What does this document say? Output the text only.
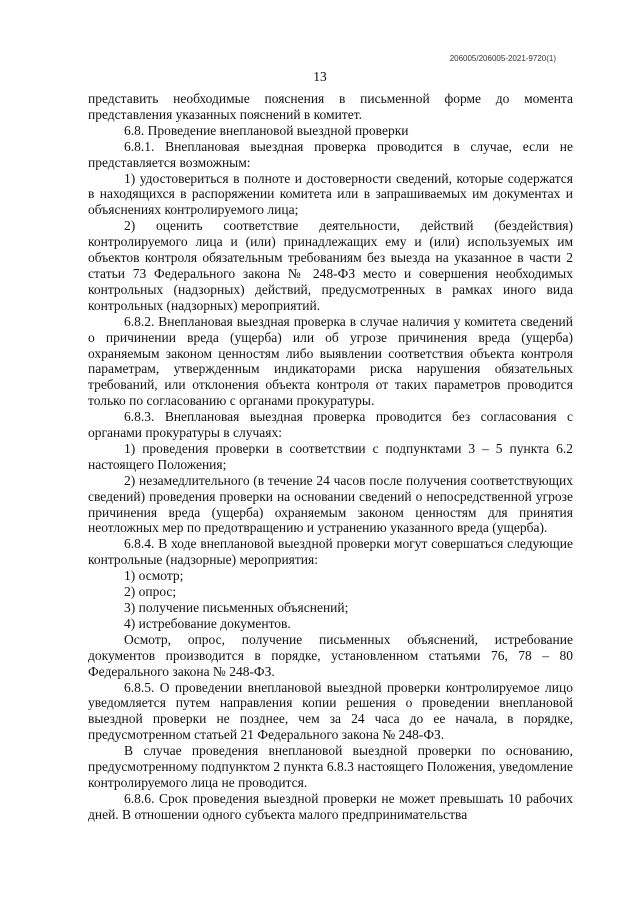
206005/206005-2021-9720(1)
13

представить необходимые пояснения в письменной форме до момента представления указанных пояснений в комитет.

6.8. Проведение внеплановой выездной проверки

6.8.1. Внеплановая выездная проверка проводится в случае, если не представляется возможным:

1) удостовериться в полноте и достоверности сведений, которые содержатся в находящихся в распоряжении комитета или в запрашиваемых им документах и объяснениях контролируемого лица;

2) оценить соответствие деятельности, действий (бездействия) контролируемого лица и (или) принадлежащих ему и (или) используемых им объектов контроля обязательным требованиям без выезда на указанное в части 2 статьи 73 Федерального закона № 248-ФЗ место и совершения необходимых контрольных (надзорных) действий, предусмотренных в рамках иного вида контрольных (надзорных) мероприятий.

6.8.2. Внеплановая выездная проверка в случае наличия у комитета сведений о причинении вреда (ущерба) или об угрозе причинения вреда (ущерба) охраняемым законом ценностям либо выявлении соответствия объекта контроля параметрам, утвержденным индикаторами риска нарушения обязательных требований, или отклонения объекта контроля от таких параметров проводится только по согласованию с органами прокуратуры.

6.8.3. Внеплановая выездная проверка проводится без согласования с органами прокуратуры в случаях:

1) проведения проверки в соответствии с подпунктами 3 – 5 пункта 6.2 настоящего Положения;

2) незамедлительного (в течение 24 часов после получения соответствующих сведений) проведения проверки на основании сведений о непосредственной угрозе причинения вреда (ущерба) охраняемым законом ценностям для принятия неотложных мер по предотвращению и устранению указанного вреда (ущерба).

6.8.4. В ходе внеплановой выездной проверки могут совершаться следующие контрольные (надзорные) мероприятия:

1) осмотр;

2) опрос;

3) получение письменных объяснений;

4) истребование документов.

Осмотр, опрос, получение письменных объяснений, истребование документов производится в порядке, установленном статьями 76, 78 – 80 Федерального закона № 248-ФЗ.

6.8.5. О проведении внеплановой выездной проверки контролируемое лицо уведомляется путем направления копии решения о проведении внеплановой выездной проверки не позднее, чем за 24 часа до ее начала, в порядке, предусмотренном статьей 21 Федерального закона № 248-ФЗ.

В случае проведения внеплановой выездной проверки по основанию, предусмотренному подпунктом 2 пункта 6.8.3 настоящего Положения, уведомление контролируемого лица не проводится.

6.8.6. Срок проведения выездной проверки не может превышать 10 рабочих дней. В отношении одного субъекта малого предпринимательства
